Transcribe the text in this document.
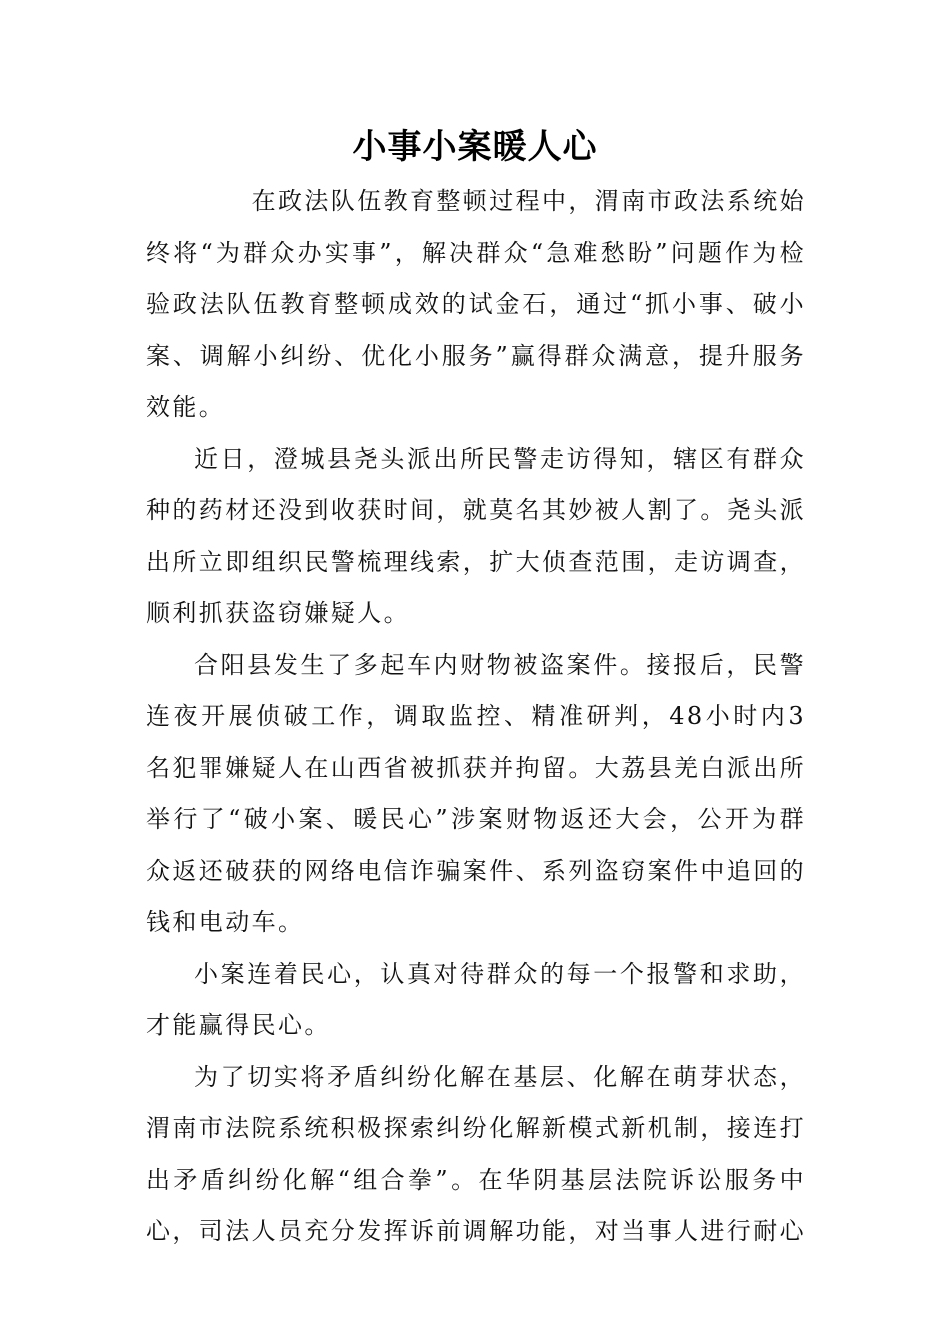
小事小案暖人心

在政法队伍教育整顿过程中，渭南市政法系统始终将“为群众办实事”，解决群众“急难愁盼”问题作为检验政法队伍教育整顿成效的试金石，通过“抓小事、破小案、调解小纠纷、优化小服务”赢得群众满意，提升服务效能。

近日，澄城县尧头派出所民警走访得知，辖区有群众种的药材还没到收获时间，就莫名其妙被人割了。尧头派出所立即组织民警梳理线索，扩大侦查范围，走访调查，顺利抓获盗窃嫌疑人。

合阳县发生了多起车内财物被盗案件。接报后，民警连夜开展侦破工作，调取监控、精准研判，48小时内3名犯罪嫌疑人在山西省被抓获并拘留。大荔县羌白派出所举行了“破小案、暖民心”涉案财物返还大会，公开为群众返还破获的网络电信诈骗案件、系列盗窃案件中追回的钱和电动车。

小案连着民心，认真对待群众的每一个报警和求助，才能赢得民心。

为了切实将矛盾纠纷化解在基层、化解在萌芽状态，渭南市法院系统积极探索纠纷化解新模式新机制，接连打出矛盾纠纷化解“组合拳”。在华阴基层法院诉讼服务中心，司法人员充分发挥诉前调解功能，对当事人进行耐心
